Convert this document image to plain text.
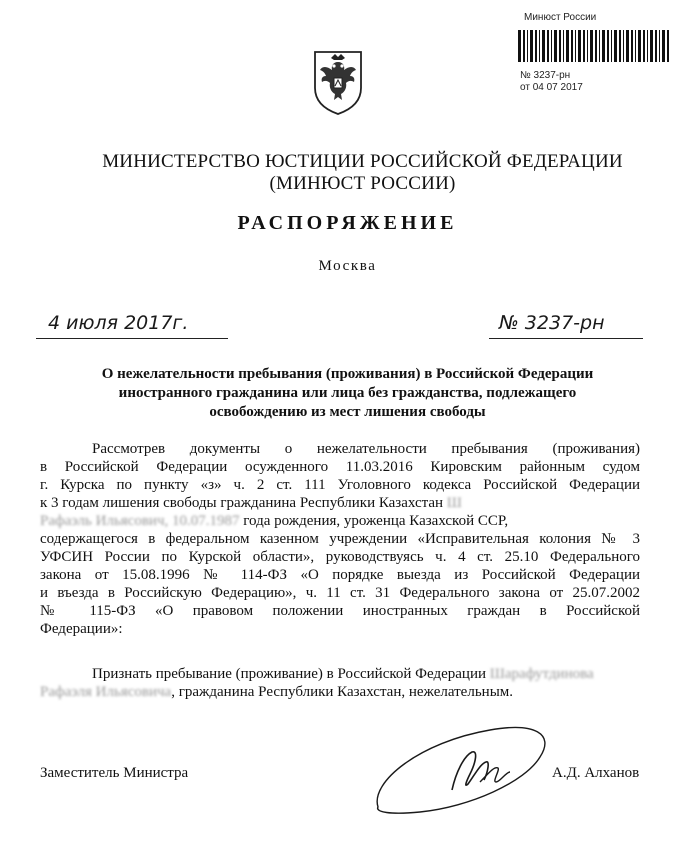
Минюст России
№ 3237-рн
от 04 07 2017
МИНИСТЕРСТВО ЮСТИЦИИ РОССИЙСКОЙ ФЕДЕРАЦИИ
(МИНЮСТ РОССИИ)
РАСПОРЯЖЕНИЕ
Москва
4 июля 2017г.	№ 3237-рн
О нежелательности пребывания (проживания) в Российской Федерации
иностранного гражданина или лица без гражданства, подлежащего
освобождению из мест лишения свободы
Рассмотрев документы о нежелательности пребывания (проживания)
в Российской Федерации осужденного 11.03.2016 Кировским районным судом
г. Курска по пункту «з» ч. 2 ст. 111 Уголовного кодекса Российской Федерации
к 3 годам лишения свободы гражданина Республики Казахстан Ш
Рафаэль Ильясович, 10.07.1987 года рождения, уроженца Казахской ССР,
содержащегося в федеральном казенном учреждении «Исправительная колония № 3
УФСИН России по Курской области», руководствуясь ч. 4 ст. 25.10 Федерального
закона от 15.08.1996 № 114-ФЗ «О порядке выезда из Российской Федерации
и въезда в Российскую Федерацию», ч. 11 ст. 31 Федерального закона от 25.07.2002
№ 115-ФЗ «О правовом положении иностранных граждан в Российской
Федерации»:
Признать пребывание (проживание) в Российской Федерации Шарафутдинова
Рафаэля Ильясовича, гражданина Республики Казахстан, нежелательным.
Заместитель Министра	А.Д. Алханов
